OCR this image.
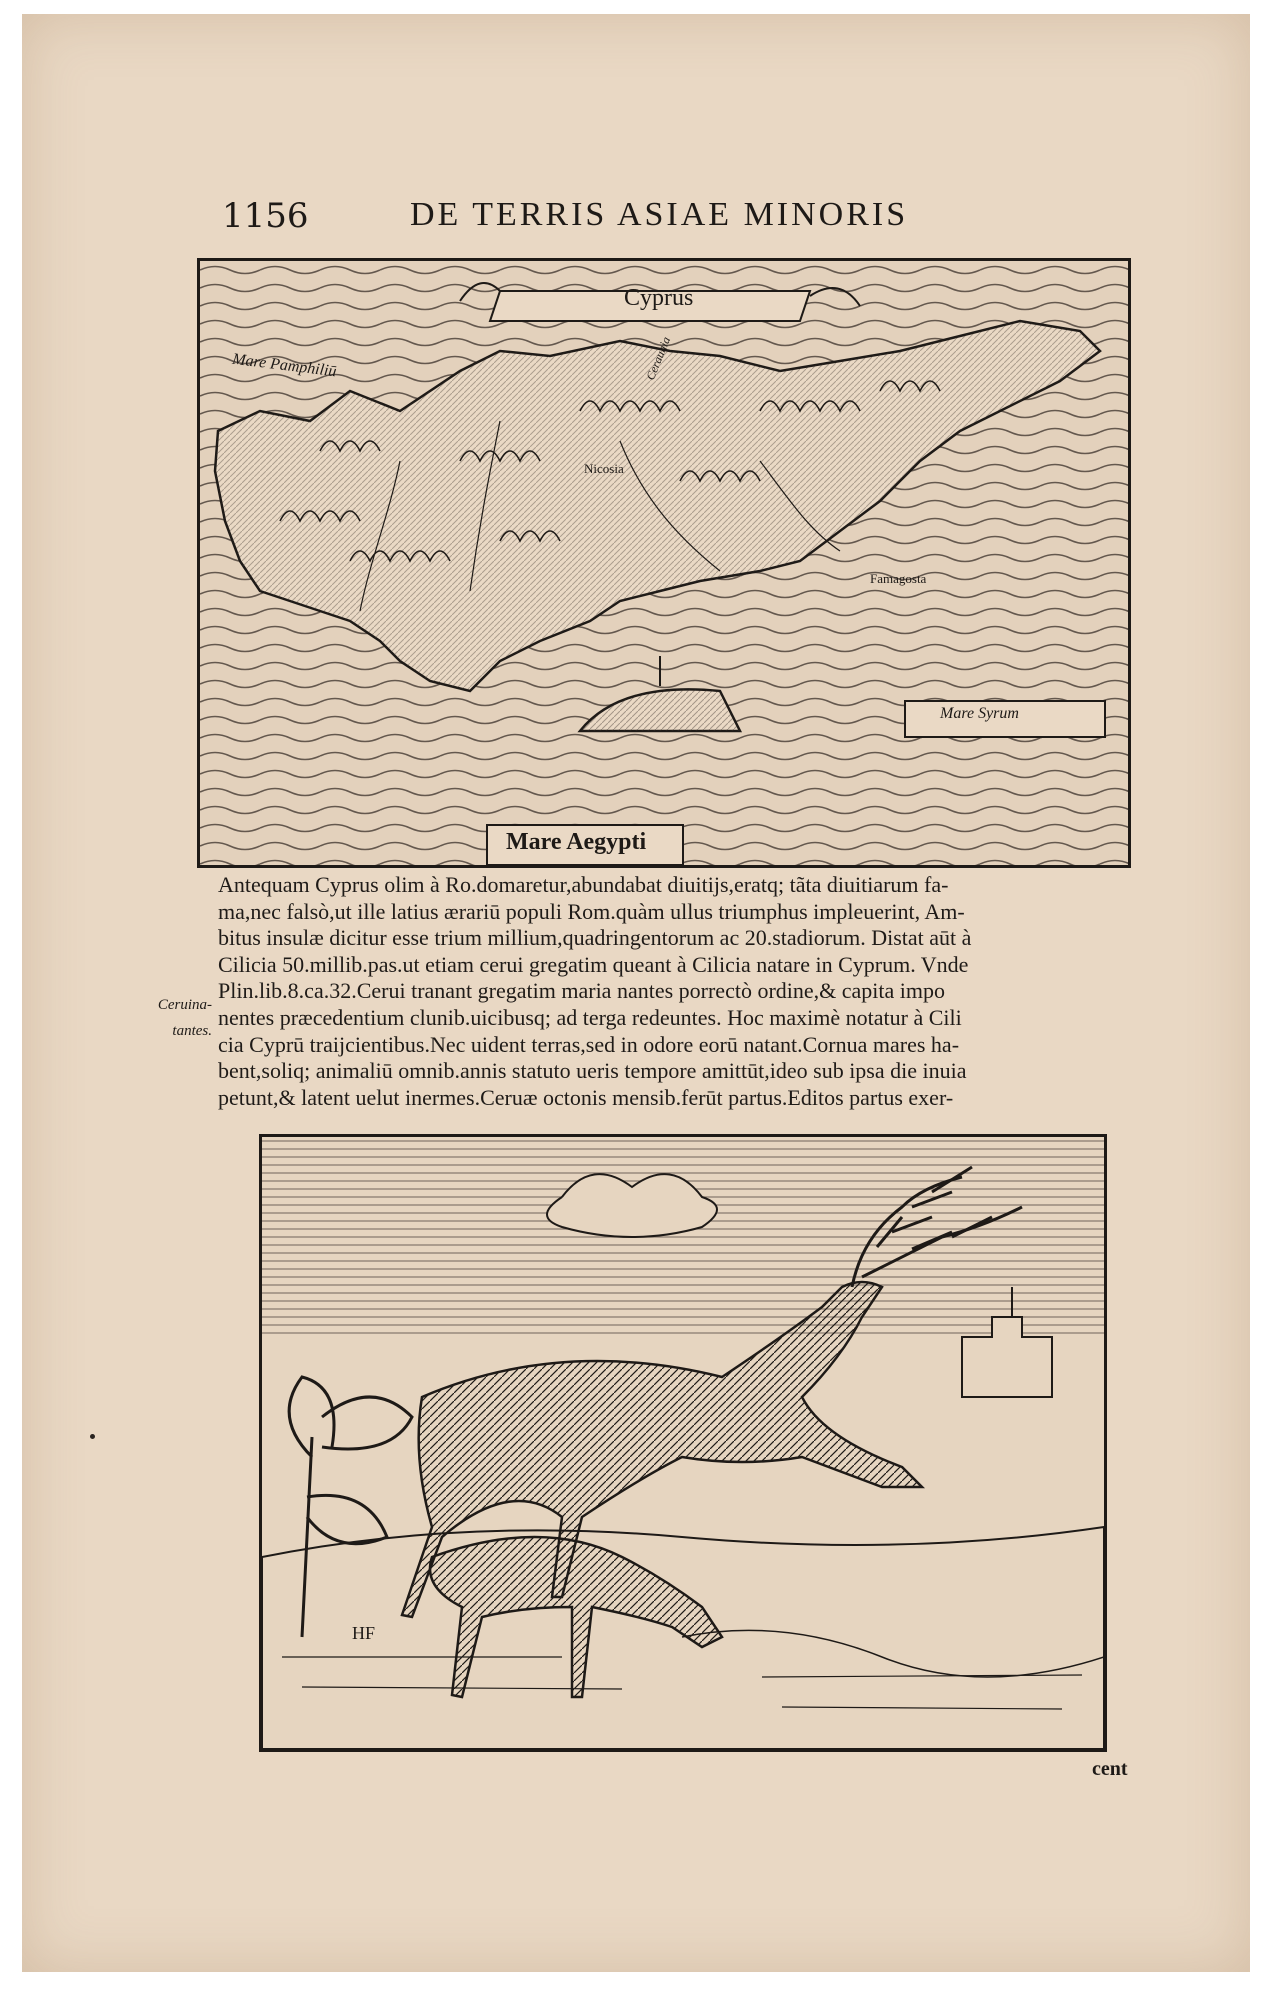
1156	DE TERRIS ASIAE MINORIS
Cyprus
Mare Pamphiliū	Ceraunia
Nicosia
Famagosta
Mare Syrum
Mare Aegypti
Ceruina-
tantes.
Antequam Cyprus olim à Ro.domaretur,abundabat diuitijs,eratq; tãta diuitiarum fa-
ma,nec falsò,ut ille latius ærariū populi Rom.quàm ullus triumphus impleuerint, Am-
bitus insulæ dicitur esse trium millium,quadringentorum ac 20.stadiorum. Distat aūt à
Cilicia 50.millib.pas.ut etiam cerui gregatim queant à Cilicia natare in Cyprum. Vnde
Plin.lib.8.ca.32.Cerui tranant gregatim maria nantes porrectò ordine,& capita impo
nentes præcedentium clunib.uicibusq; ad terga redeuntes. Hoc maximè notatur à Cili
cia Cyprū traijcientibus.Nec uident terras,sed in odore eorū natant.Cornua mares ha-
bent,soliq; animaliū omnib.annis statuto ueris tempore amittūt,ideo sub ipsa die inuia
petunt,& latent uelut inermes.Ceruæ octonis mensib.ferūt partus.Editos partus exer-
HF
cent
